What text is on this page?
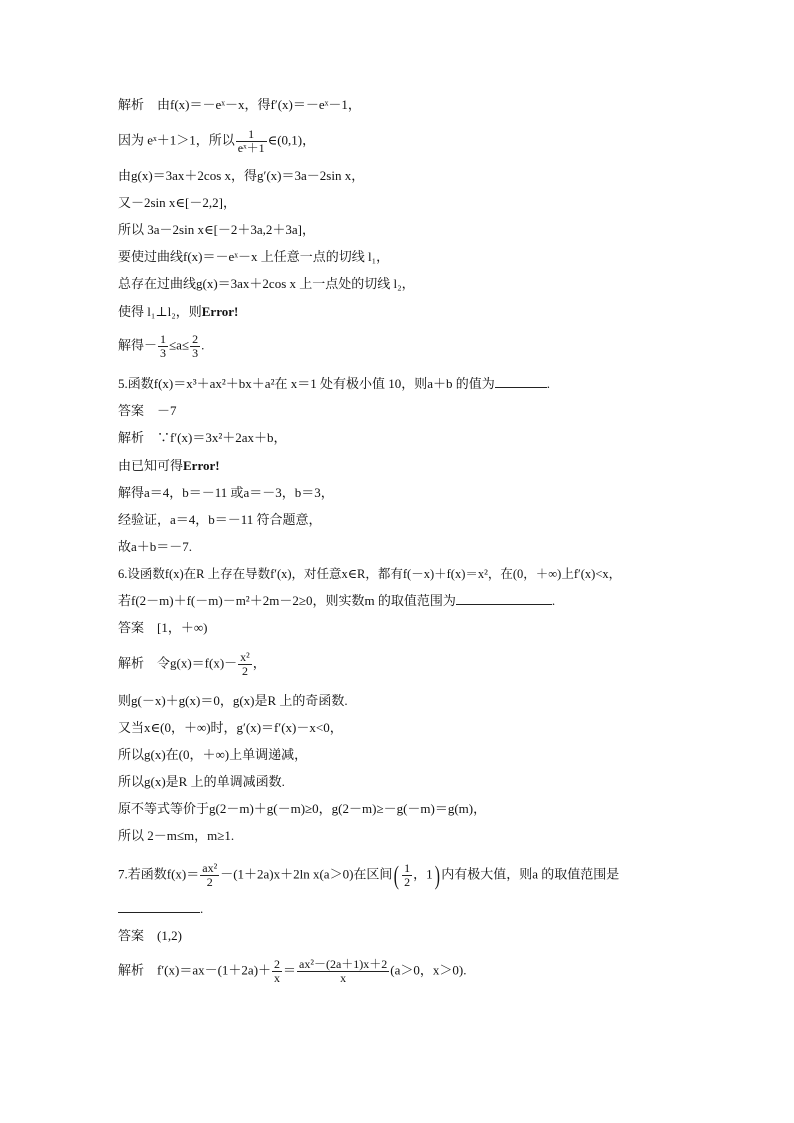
解析　由f(x)＝－eˣ－x，得f′(x)＝－eˣ－1，
因为 eˣ＋1＞1，所以 $\frac{1}{\text{eˣ＋1}}$ ∈(0,1)，
由g(x)＝3ax＋2cos x，得g′(x)＝3a－2sin x，
又－2sin x∈[－2,2]，
所以 3a－2sin x∈[－2＋3a,2＋3a]，
要使过曲线f(x)＝－eˣ－x 上任意一点的切线 l₁，
总存在过曲线g(x)＝3ax＋2cos x 上一点处的切线 l₂，
使得 l₁⊥l₂，则Error!
解得－ $\frac{1}{3} \le a\le \frac{2}{3}$ .
5.函数f(x)＝x³＋ax²＋bx＋a²在 x＝1 处有极小值 10，则a＋b 的值为	.
答案　－7
解析　∵f′(x)＝3x²＋2ax＋b，
由已知可得Error!
解得a＝4，b＝－11 或a＝－3，b＝3，
经验证，a＝4，b＝－11 符合题意，
故a＋b＝－7.
6.设函数f(x)在R 上存在导数f′(x)，对任意x∈R，都有f(－x)＋f(x)＝x²，在(0，＋∞)上f′(x)<x，
若f(2－m)＋f(－m)－m²＋2m－2≥0，则实数m 的取值范围为	.
答案　[1，＋∞)
解析　令$g(x)=f(x)- \frac{\text{x²}}{2}$ ，
则g(－x)＋g(x)＝0，g(x)是R 上的奇函数.
又当x∈(0，＋∞)时，g′(x)＝f′(x)－x<0，
所以g(x)在(0，＋∞)上单调递减，
所以g(x)是R 上的单调减函数.
原不等式等价于g(2－m)＋g(－m)≥0，g(2－m)≥－g(－m)＝g(m)，
所以 2－m≤m，m≥1.
7.若函数$f(x)= \frac{\text{ax²}}{2} -(1+2a)x+2\ln$ x(a＞0)在区间( $\frac{1}{2}$ ，1) 内有极大值，则a 的取值范围是
.
答案　(1,2)
解析　$f'(x)=ax-(1+2a)+ \frac{2}{x} = \frac{\text{ax²－(2a＋1)x＋2}}{x} (a>0$，x＞0).
